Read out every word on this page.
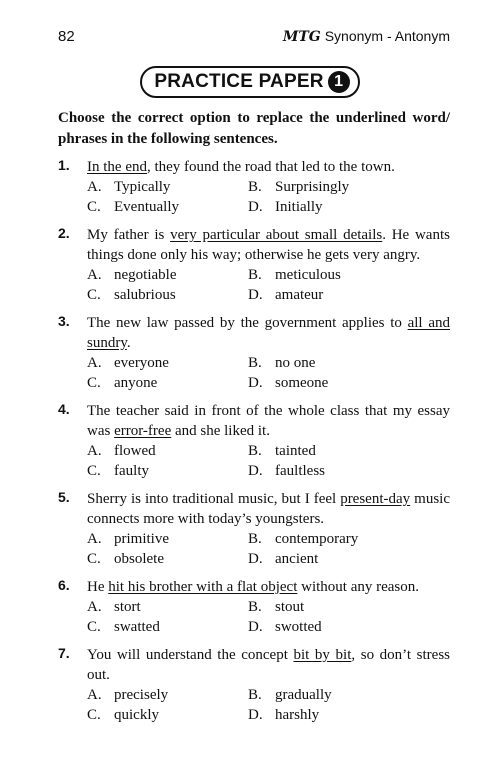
82	MTG Synonym - Antonym
PRACTICE PAPER 1
Choose the correct option to replace the underlined word/ phrases in the following sentences.
1. In the end, they found the road that led to the town.
A. Typically	B. Surprisingly
C. Eventually	D. Initially
2. My father is very particular about small details. He wants things done only his way; otherwise he gets very angry.
A. negotiable	B. meticulous
C. salubrious	D. amateur
3. The new law passed by the government applies to all and sundry.
A. everyone	B. no one
C. anyone	D. someone
4. The teacher said in front of the whole class that my essay was error-free and she liked it.
A. flowed	B. tainted
C. faulty	D. faultless
5. Sherry is into traditional music, but I feel present-day music connects more with today’s youngsters.
A. primitive	B. contemporary
C. obsolete	D. ancient
6. He hit his brother with a flat object without any reason.
A. stort	B. stout
C. swatted	D. swotted
7. You will understand the concept bit by bit, so don’t stress out.
A. precisely	B. gradually
C. quickly	D. harshly
